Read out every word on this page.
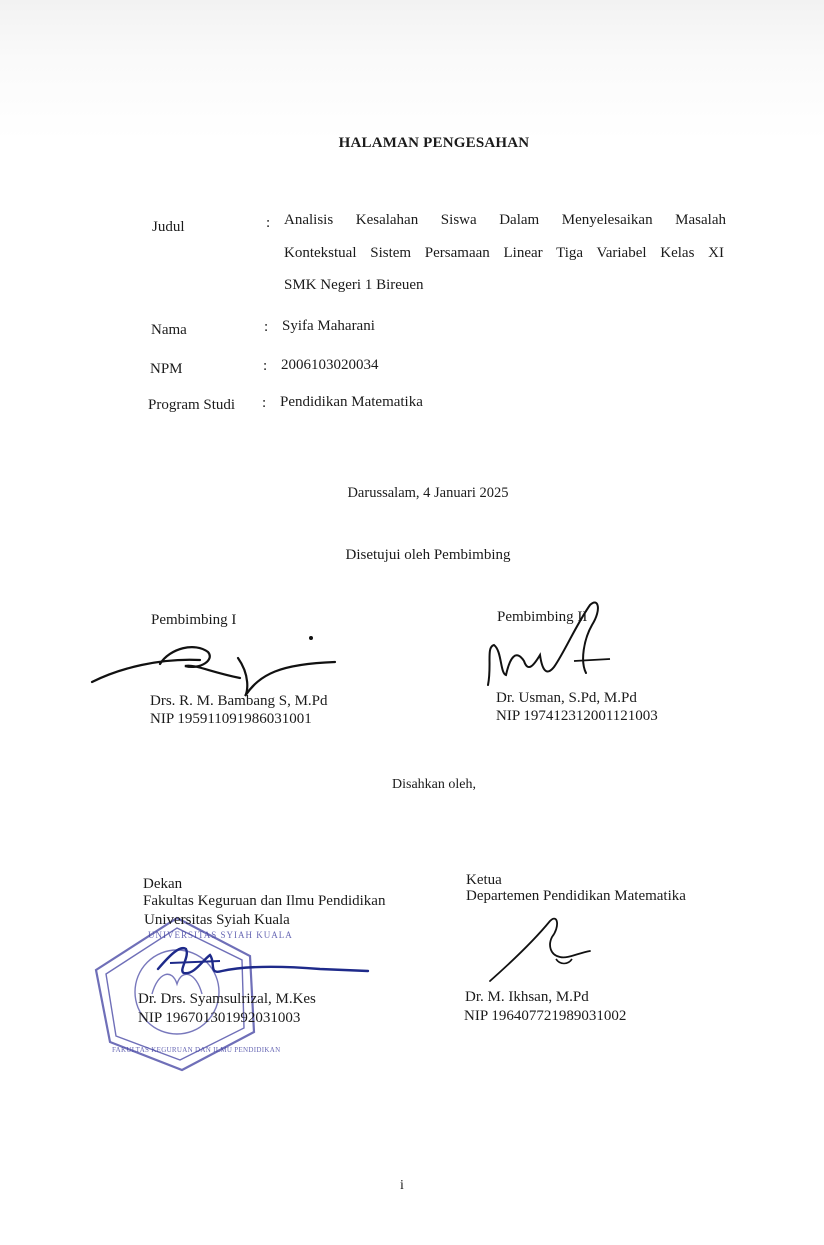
HALAMAN PENGESAHAN
Judul	: Analisis Kesalahan Siswa Dalam Menyelesaikan Masalah
Kontekstual Sistem Persamaan Linear Tiga Variabel Kelas XI
SMK Negeri 1 Bireuen
Nama	: Syifa Maharani
NPM	: 2006103020034
Program Studi : Pendidikan Matematika
Darussalam, 4 Januari 2025
Disetujui oleh Pembimbing
Pembimbing I	Pembimbing II
Drs. R. M. Bambang S, M.Pd
NIP 195911091986031001
Dr. Usman, S.Pd, M.Pd
NIP 197412312001121003
Disahkan oleh,
UNIVERSITAS SYIAH KUALA
FAKULTAS KEGURUAN DAN ILMU PENDIDIKAN
Dekan
Fakultas Keguruan dan Ilmu Pendidikan
Universitas Syiah Kuala
Dr. Drs. Syamsulrizal, M.Kes
NIP 196701301992031003
Ketua
Departemen Pendidikan Matematika
Dr. M. Ikhsan, M.Pd
NIP 196407721989031002
i
